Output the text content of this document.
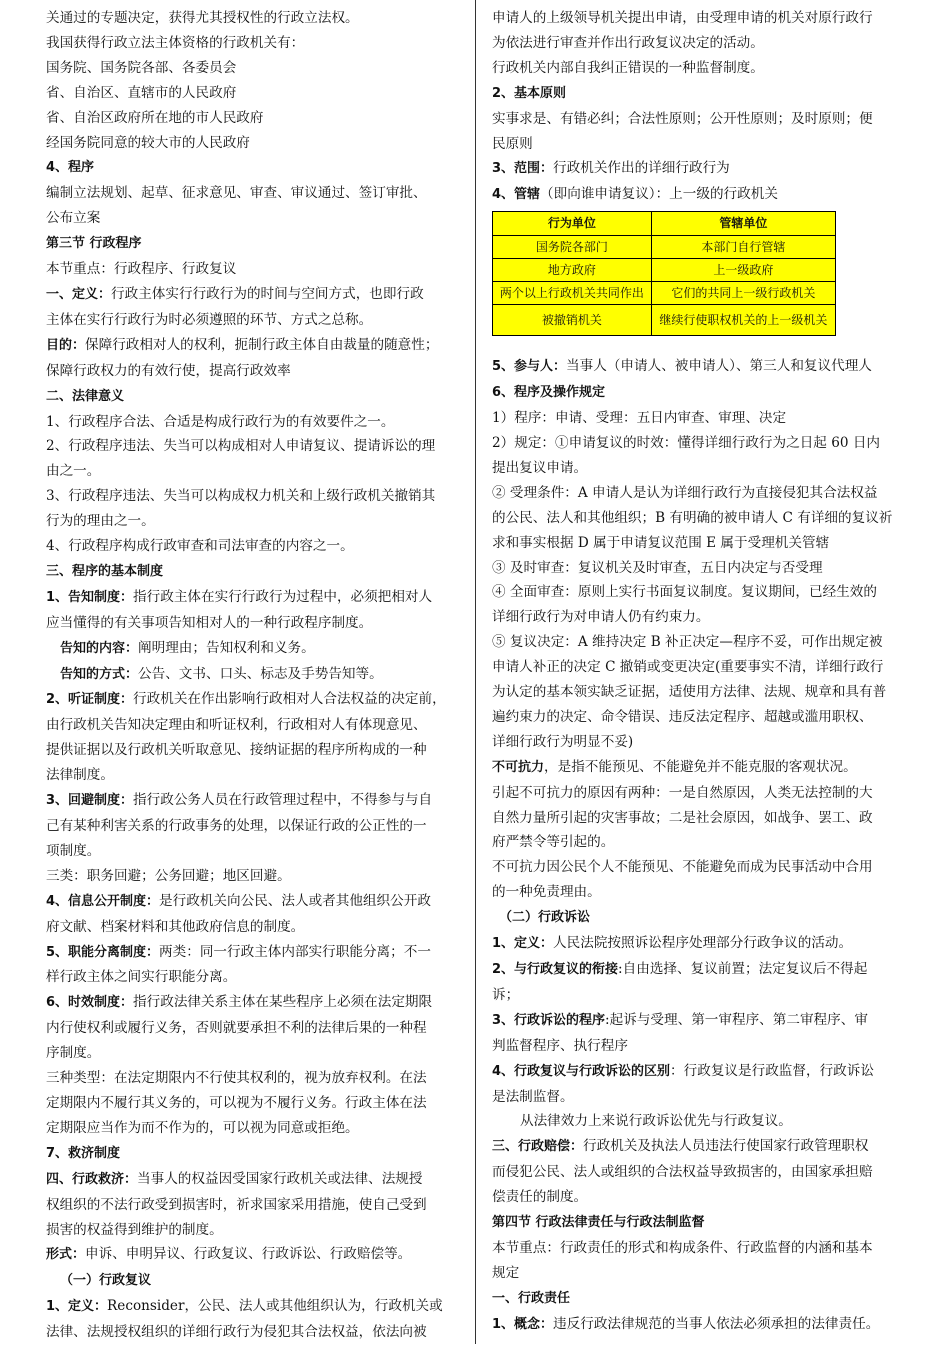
关通过的专题决定，获得尤其授权性的行政立法权。
我国获得行政立法主体资格的行政机关有：
国务院、国务院各部、各委员会
省、自治区、直辖市的人民政府
省、自治区政府所在地的市人民政府
经国务院同意的较大市的人民政府
4、程序
编制立法规划、起草、征求意见、审查、审议通过、签订审批、
公布立案
第三节 行政程序
本节重点：行政程序、行政复议
一、定义：行政主体实行行政行为的时间与空间方式，也即行政
主体在实行行政行为时必须遵照的环节、方式之总称。
目的：保障行政相对人的权利，扼制行政主体自由裁量的随意性；
保障行政权力的有效行使，提高行政效率
二、法律意义
1、行政程序合法、合适是构成行政行为的有效要件之一。
2、行政程序违法、失当可以构成相对人申请复议、提请诉讼的理
由之一。
3、行政程序违法、失当可以构成权力机关和上级行政机关撤销其
行为的理由之一。
4、行政程序构成行政审查和司法审查的内容之一。
三、程序的基本制度
1、告知制度：指行政主体在实行行政行为过程中，必须把相对人
应当懂得的有关事项告知相对人的一种行政程序制度。
告知的内容：阐明理由；告知权利和义务。
告知的方式：公告、文书、口头、标志及手势告知等。
2、听证制度：行政机关在作出影响行政相对人合法权益的决定前，
由行政机关告知决定理由和听证权利，行政相对人有体现意见、
提供证据以及行政机关听取意见、接纳证据的程序所构成的一种
法律制度。
3、回避制度：指行政公务人员在行政管理过程中，不得参与与自
己有某种利害关系的行政事务的处理，以保证行政的公正性的一
项制度。
三类：职务回避；公务回避；地区回避。
4、信息公开制度：是行政机关向公民、法人或者其他组织公开政
府文献、档案材料和其他政府信息的制度。
5、职能分离制度：两类：同一行政主体内部实行职能分离；不一
样行政主体之间实行职能分离。
6、时效制度：指行政法律关系主体在某些程序上必须在法定期限
内行使权利或履行义务，否则就要承担不利的法律后果的一种程
序制度。
三种类型：在法定期限内不行使其权利的，视为放弃权利。在法
定期限内不履行其义务的，可以视为不履行义务。行政主体在法
定期限应当作为而不作为的，可以视为同意或拒绝。
7、救济制度
四、行政救济：当事人的权益因受国家行政机关或法律、法规授
权组织的不法行政受到损害时，祈求国家采用措施，使自己受到
损害的权益得到维护的制度。
形式：申诉、申明异议、行政复议、行政诉讼、行政赔偿等。
（一）行政复议
1、定义：Reconsider，公民、法人或其他组织认为，行政机关或
法律、法规授权组织的详细行政行为侵犯其合法权益，依法向被
申请人的上级领导机关提出申请，由受理申请的机关对原行政行
为依法进行审查并作出行政复议决定的活动。
行政机关内部自我纠正错误的一种监督制度。
2、基本原则
实事求是、有错必纠；合法性原则；公开性原则；及时原则；便
民原则
3、范围：行政机关作出的详细行政行为
4、管辖（即向谁申请复议）：上一级的行政机关
行为单位	管辖单位
国务院各部门	本部门自行管辖
地方政府	上一级政府
两个以上行政机关共同作出	它们的共同上一级行政机关
被撤销机关	继续行使职权机关的上一级机关
5、参与人：当事人（申请人、被申请人）、第三人和复议代理人
6、程序及操作规定
1）程序：申请、受理：五日内审查、审理、决定
2）规定：①申请复议的时效：懂得详细行政行为之日起 60 日内
提出复议申请。
② 受理条件：A 申请人是认为详细行政行为直接侵犯其合法权益
的公民、法人和其他组织；B 有明确的被申请人 C 有详细的复议祈
求和事实根据 D 属于申请复议范围 E 属于受理机关管辖
③ 及时审查：复议机关及时审查，五日内决定与否受理
④ 全面审查：原则上实行书面复议制度。复议期间，已经生效的
详细行政行为对申请人仍有约束力。
⑤ 复议决定：A 维持决定 B 补正决定—程序不妥，可作出规定被
申请人补正的决定 C 撤销或变更决定(重要事实不清，详细行政行
为认定的基本领实缺乏证据，适使用方法律、法规、规章和具有普
遍约束力的决定、命令错误、违反法定程序、超越或滥用职权、
详细行政行为明显不妥)
不可抗力，是指不能预见、不能避免并不能克服的客观状况。
引起不可抗力的原因有两种：一是自然原因，人类无法控制的大
自然力量所引起的灾害事故；二是社会原因，如战争、罢工、政
府严禁令等引起的。
不可抗力因公民个人不能预见、不能避免而成为民事活动中合用
的一种免责理由。
（二）行政诉讼
1、定义：人民法院按照诉讼程序处理部分行政争议的活动。
2、与行政复议的衔接:自由选择、复议前置；法定复议后不得起
诉；
3、行政诉讼的程序:起诉与受理、第一审程序、第二审程序、审
判监督程序、执行程序
4、行政复议与行政诉讼的区别：行政复议是行政监督，行政诉讼
是法制监督。
从法律效力上来说行政诉讼优先与行政复议。
三、行政赔偿：行政机关及执法人员违法行使国家行政管理职权
而侵犯公民、法人或组织的合法权益导致损害的，由国家承担赔
偿责任的制度。
第四节 行政法律责任与行政法制监督
本节重点：行政责任的形式和构成条件、行政监督的内涵和基本
规定
一、行政责任
1、概念：违反行政法律规范的当事人依法必须承担的法律责任。
